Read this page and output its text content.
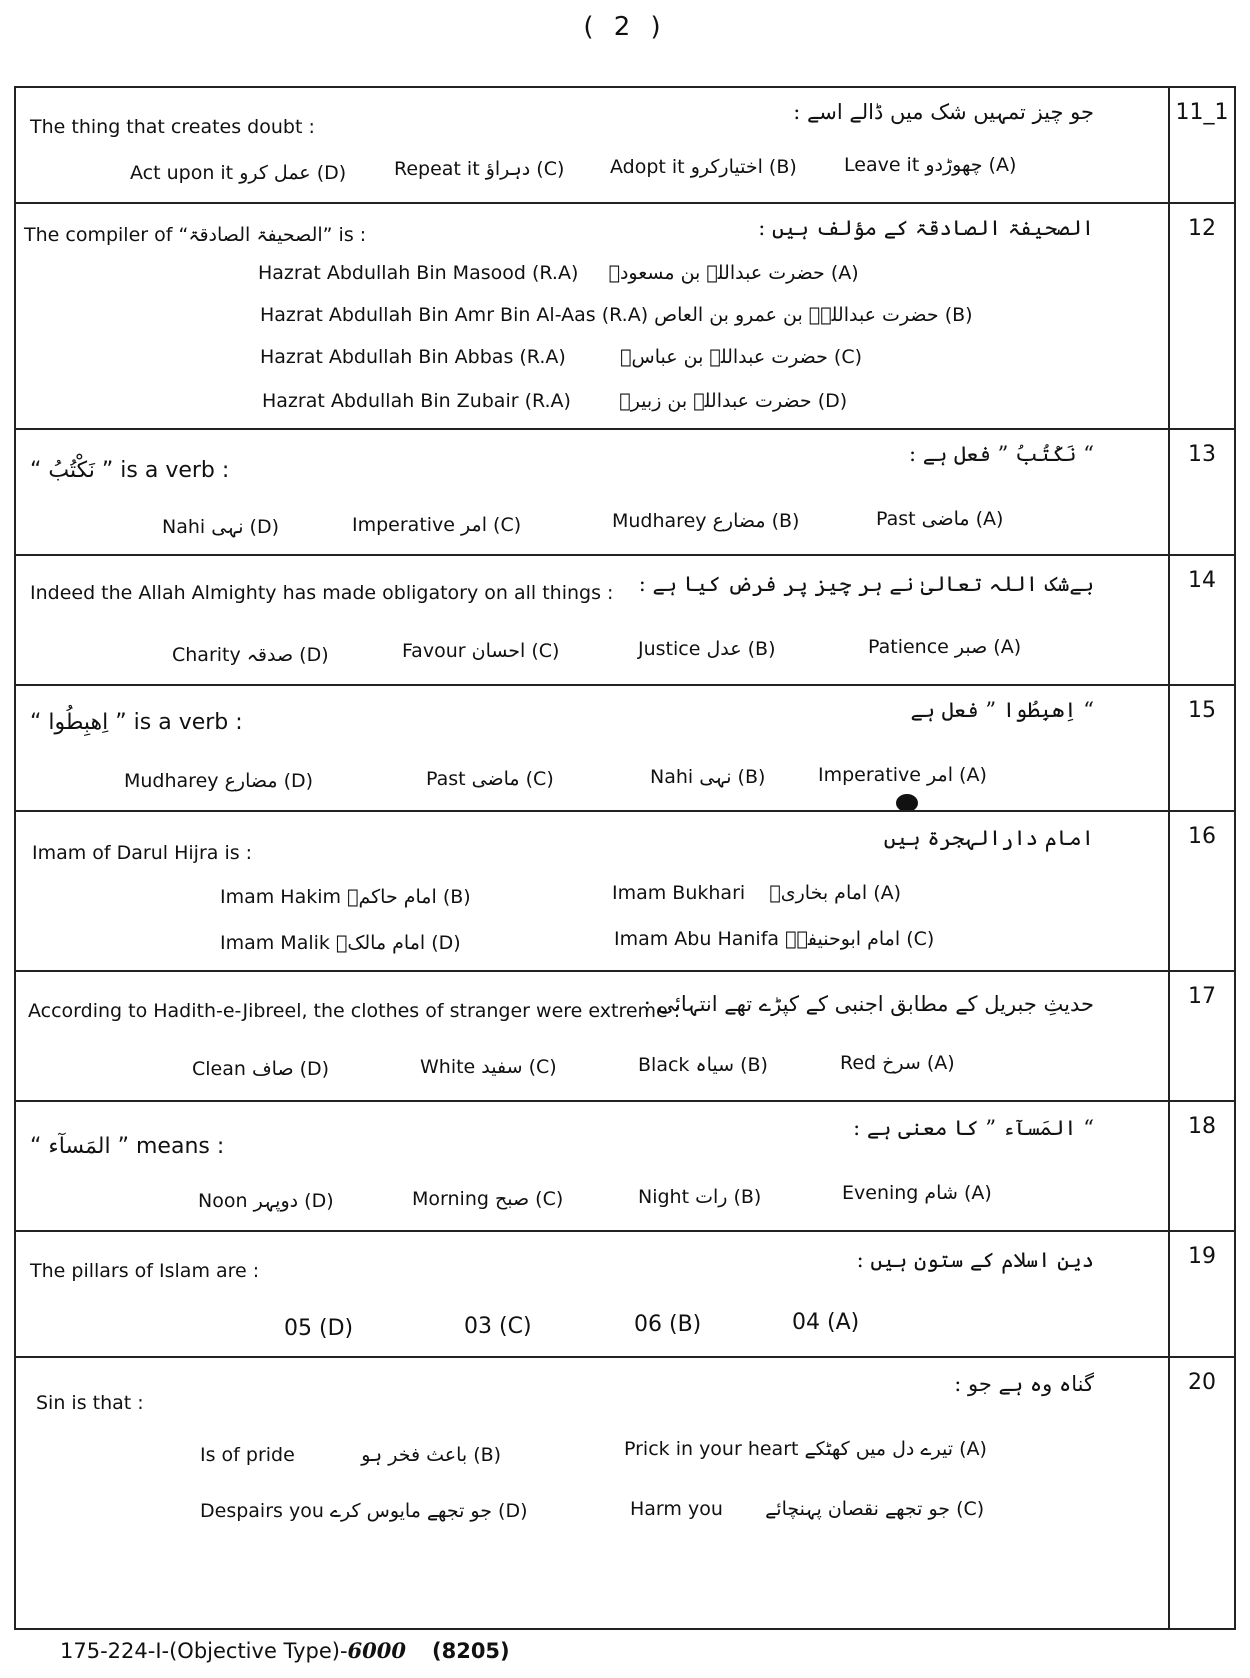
( 2 )
11_1
جو چیز تمہیں شک میں ڈالے اسے :
The thing that creates doubt :
Leave it چھوڑدو (A)
Adopt it اختیارکرو (B)
Repeat it دہراؤ (C)
Act upon it عمل کرو (D)
12
الصحیفۃ الصادقۃ کے مؤلف ہیں :
The compiler of “الصحیفۃ الصادقۃ” is :
Hazrat Abdullah Bin Masood (R.A) حضرت عبداللہ بن مسعودؓ (A)
Hazrat Abdullah Bin Amr Bin Al-Aas (R.A) حضرت عبداللہؓ بن عمرو بن العاص (B)
Hazrat Abdullah Bin Abbas (R.A)	حضرت عبداللہ بن عباسؓ (C)
Hazrat Abdullah Bin Zubair (R.A)	حضرت عبداللہ بن زبیرؓ (D)
13
“ نَکْتُبُ ” فعل ہے :
“ نَکْتُبُ ” is a verb :
Past ماضی (A)
Mudharey مضارع (B)
Imperative امر (C)
Nahi نہی (D)
14
بےشک اللہ تعالیٰ نے ہر چیز پر فرض کیا ہے :
Indeed the Allah Almighty has made obligatory on all things :
Patience صبر (A)
Justice عدل (B)
Favour احسان (C)
Charity صدقہ (D)
15
“ اِهبِطُوا ” فعل ہے
“ اِهبِطُوا ” is a verb :
Imperative امر (A)
Nahi نہی (B)
Past ماضی (C)
Mudharey مضارع (D)
16
امام دارالہجرۃ ہیں
Imam of Darul Hijra is :
Imam Bukhari امام بخاریؒ (A)
Imam Hakim امام حاکمؒ (B)
Imam Abu Hanifa امام ابوحنیفہؒ (C)
Imam Malik امام مالکؒ (D)
17
حدیثِ جبریل کے مطابق اجنبی کے کپڑے تھے انتہائی :
According to Hadith-e-Jibreel, the clothes of stranger were extreme :
Red سرخ (A)
Black سیاہ (B)
White سفید (C)
Clean صاف (D)
18
“ المَسآء ” کا معنی ہے :
“ المَسآء ” means :
Evening شام (A)
Night رات (B)
Morning صبح (C)
Noon دوپہر (D)
19
دین اسلام کے ستون ہیں :
The pillars of Islam are :
04 (A)
06 (B)
03 (C)
05 (D)
20
گناہ وہ ہے جو :
Sin is that :
Prick in your heart تیرے دل میں کھٹکے (A)
Is of pride	باعث فخر ہو (B)
Harm you جو تجھے نقصان پہنچائے (C)
Despairs you جو تجھے مایوس کرے (D)
175-224-I-(Objective Type)-6000 (8205)
